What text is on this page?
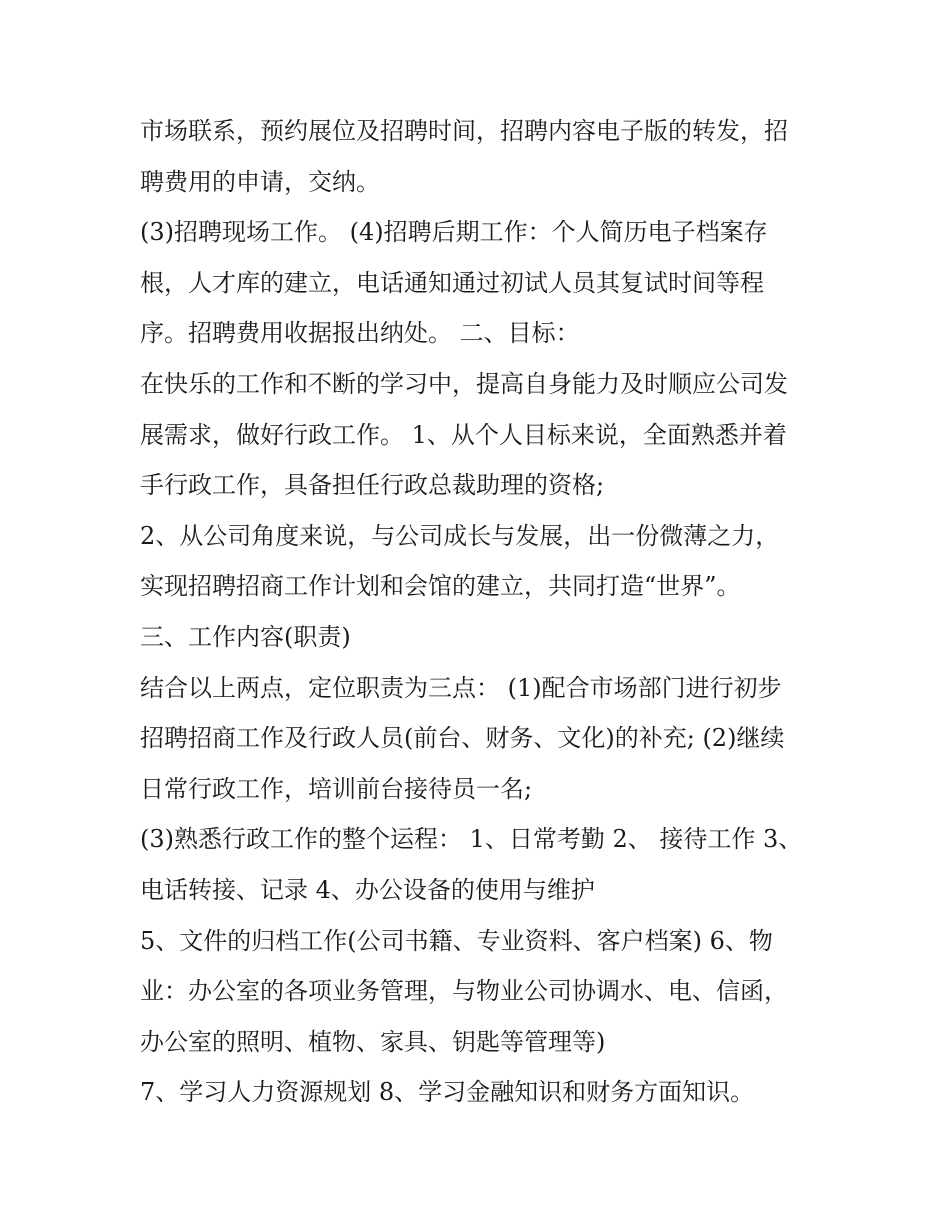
市场联系，预约展位及招聘时间，招聘内容电子版的转发，招

聘费用的申请，交纳。

(3)招聘现场工作。 (4)招聘后期工作：个人简历电子档案存

根，人才库的建立，电话通知通过初试人员其复试时间等程

序。招聘费用收据报出纳处。 二、目标：

在快乐的工作和不断的学习中，提高自身能力及时顺应公司发

展需求，做好行政工作。 1、从个人目标来说，全面熟悉并着

手行政工作，具备担任行政总裁助理的资格;

2、从公司角度来说，与公司成长与发展，出一份微薄之力，

实现招聘招商工作计划和会馆的建立，共同打造“世界”。

三、工作内容(职责)

结合以上两点，定位职责为三点： (1)配合市场部门进行初步

招聘招商工作及行政人员(前台、财务、文化)的补充; (2)继续

日常行政工作，培训前台接待员一名;

(3)熟悉行政工作的整个运程： 1、日常考勤 2、 接待工作 3、

电话转接、记录 4、办公设备的使用与维护

5、文件的归档工作(公司书籍、专业资料、客户档案) 6、物

业：办公室的各项业务管理，与物业公司协调水、电、信函，

办公室的照明、植物、家具、钥匙等管理等)

7、学习人力资源规划 8、学习金融知识和财务方面知识。
